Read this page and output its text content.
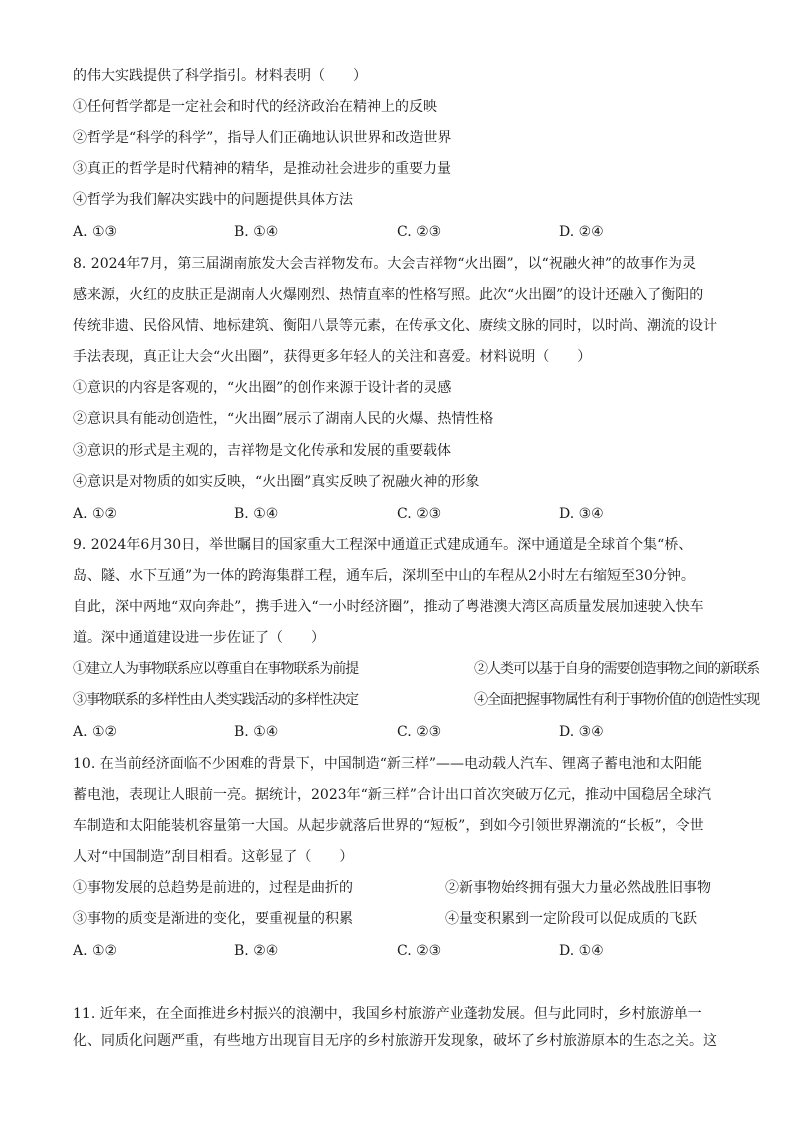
的伟大实践提供了科学指引。材料表明（　　）
①任何哲学都是一定社会和时代的经济政治在精神上的反映
②哲学是“科学的科学”，指导人们正确地认识世界和改造世界
③真正的哲学是时代精神的精华，是推动社会进步的重要力量
④哲学为我们解决实践中的问题提供具体方法
A. ①③	B. ①④	C. ②③	D. ②④
8. 2024年7月，第三届湖南旅发大会吉祥物发布。大会吉祥物“火出圈”，以“祝融火神”的故事作为灵
感来源，火红的皮肤正是湖南人火爆刚烈、热情直率的性格写照。此次“火出圈”的设计还融入了衡阳的
传统非遗、民俗风情、地标建筑、衡阳八景等元素，在传承文化、赓续文脉的同时，以时尚、潮流的设计
手法表现，真正让大会“火出圈”，获得更多年轻人的关注和喜爱。材料说明（　　）
①意识的内容是客观的，“火出圈”的创作来源于设计者的灵感
②意识具有能动创造性，“火出圈”展示了湖南人民的火爆、热情性格
③意识的形式是主观的，吉祥物是文化传承和发展的重要载体
④意识是对物质的如实反映，“火出圈”真实反映了祝融火神的形象
A. ①②	B. ①④	C. ②③	D. ③④
9. 2024年6月30日，举世瞩目的国家重大工程深中通道正式建成通车。深中通道是全球首个集“桥、
岛、隧、水下互通”为一体的跨海集群工程，通车后，深圳至中山的车程从2小时左右缩短至30分钟。
自此，深中两地“双向奔赴”，携手进入“一小时经济圈”，推动了粤港澳大湾区高质量发展加速驶入快车
道。深中通道建设进一步佐证了（　　）
①建立人为事物联系应以尊重自在事物联系为前提	②人类可以基于自身的需要创造事物之间的新联系
③事物联系的多样性由人类实践活动的多样性决定	④全面把握事物属性有利于事物价值的创造性实现
A. ①②	B. ①④	C. ②③	D. ③④
10. 在当前经济面临不少困难的背景下，中国制造“新三样”——电动载人汽车、锂离子蓄电池和太阳能
蓄电池，表现让人眼前一亮。据统计，2023年“新三样”合计出口首次突破万亿元，推动中国稳居全球汽
车制造和太阳能装机容量第一大国。从起步就落后世界的“短板”，到如今引领世界潮流的“长板”，令世
人对“中国制造”刮目相看。这彰显了（　　）
①事物发展的总趋势是前进的，过程是曲折的	②新事物始终拥有强大力量必然战胜旧事物
③事物的质变是渐进的变化，要重视量的积累	④量变积累到一定阶段可以促成质的飞跃
A. ①②	B. ②④	C. ②③	D. ①④
11. 近年来，在全面推进乡村振兴的浪潮中，我国乡村旅游产业蓬勃发展。但与此同时，乡村旅游单一
化、同质化问题严重，有些地方出现盲目无序的乡村旅游开发现象，破坏了乡村旅游原本的生态之关。这
